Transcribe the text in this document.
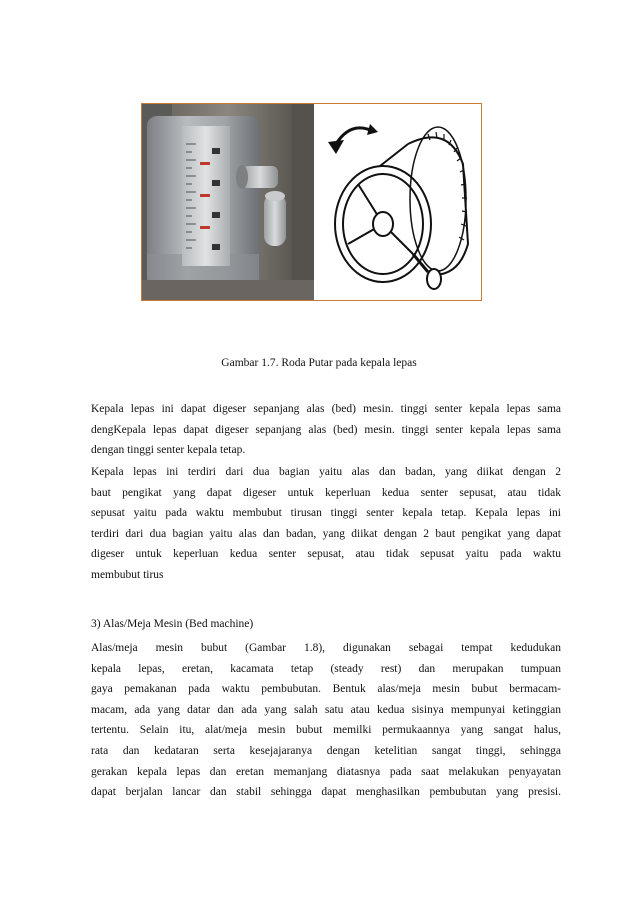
Gambar 1.7. Roda Putar pada kepala lepas

Kepala lepas ini dapat digeser sepanjang alas (bed) mesin. tinggi senter kepala lepas sama
dengKepala lepas dapat digeser sepanjang alas (bed) mesin. tinggi senter kepala lepas sama
dengan tinggi senter kepala tetap.

Kepala lepas ini terdiri dari dua bagian yaitu alas dan badan, yang diikat dengan 2
baut pengikat yang dapat digeser untuk keperluan kedua senter sepusat, atau tidak
sepusat yaitu pada waktu membubut tirusan tinggi senter kepala tetap. Kepala lepas ini
terdiri dari dua bagian yaitu alas dan badan, yang diikat dengan 2 baut pengikat yang dapat
digeser untuk keperluan kedua senter sepusat, atau tidak sepusat yaitu pada waktu
membubut tirus

3) Alas/Meja Mesin (Bed machine)

Alas/meja mesin bubut (Gambar 1.8), digunakan sebagai tempat kedudukan
kepala lepas, eretan, kacamata tetap (steady rest) dan merupakan tumpuan
gaya pemakanan pada waktu pembubutan. Bentuk alas/meja mesin bubut bermacam-
macam, ada yang datar dan ada yang salah satu atau kedua sisinya mempunyai ketinggian
tertentu. Selain itu, alat/meja mesin bubut memilki permukaannya yang sangat halus,
rata dan kedataran serta kesejajaranya dengan ketelitian sangat tinggi, sehingga
gerakan kepala lepas dan eretan memanjang diatasnya pada saat melakukan penyayatan
dapat berjalan lancar dan stabil sehingga dapat menghasilkan pembubutan yang presisi.
